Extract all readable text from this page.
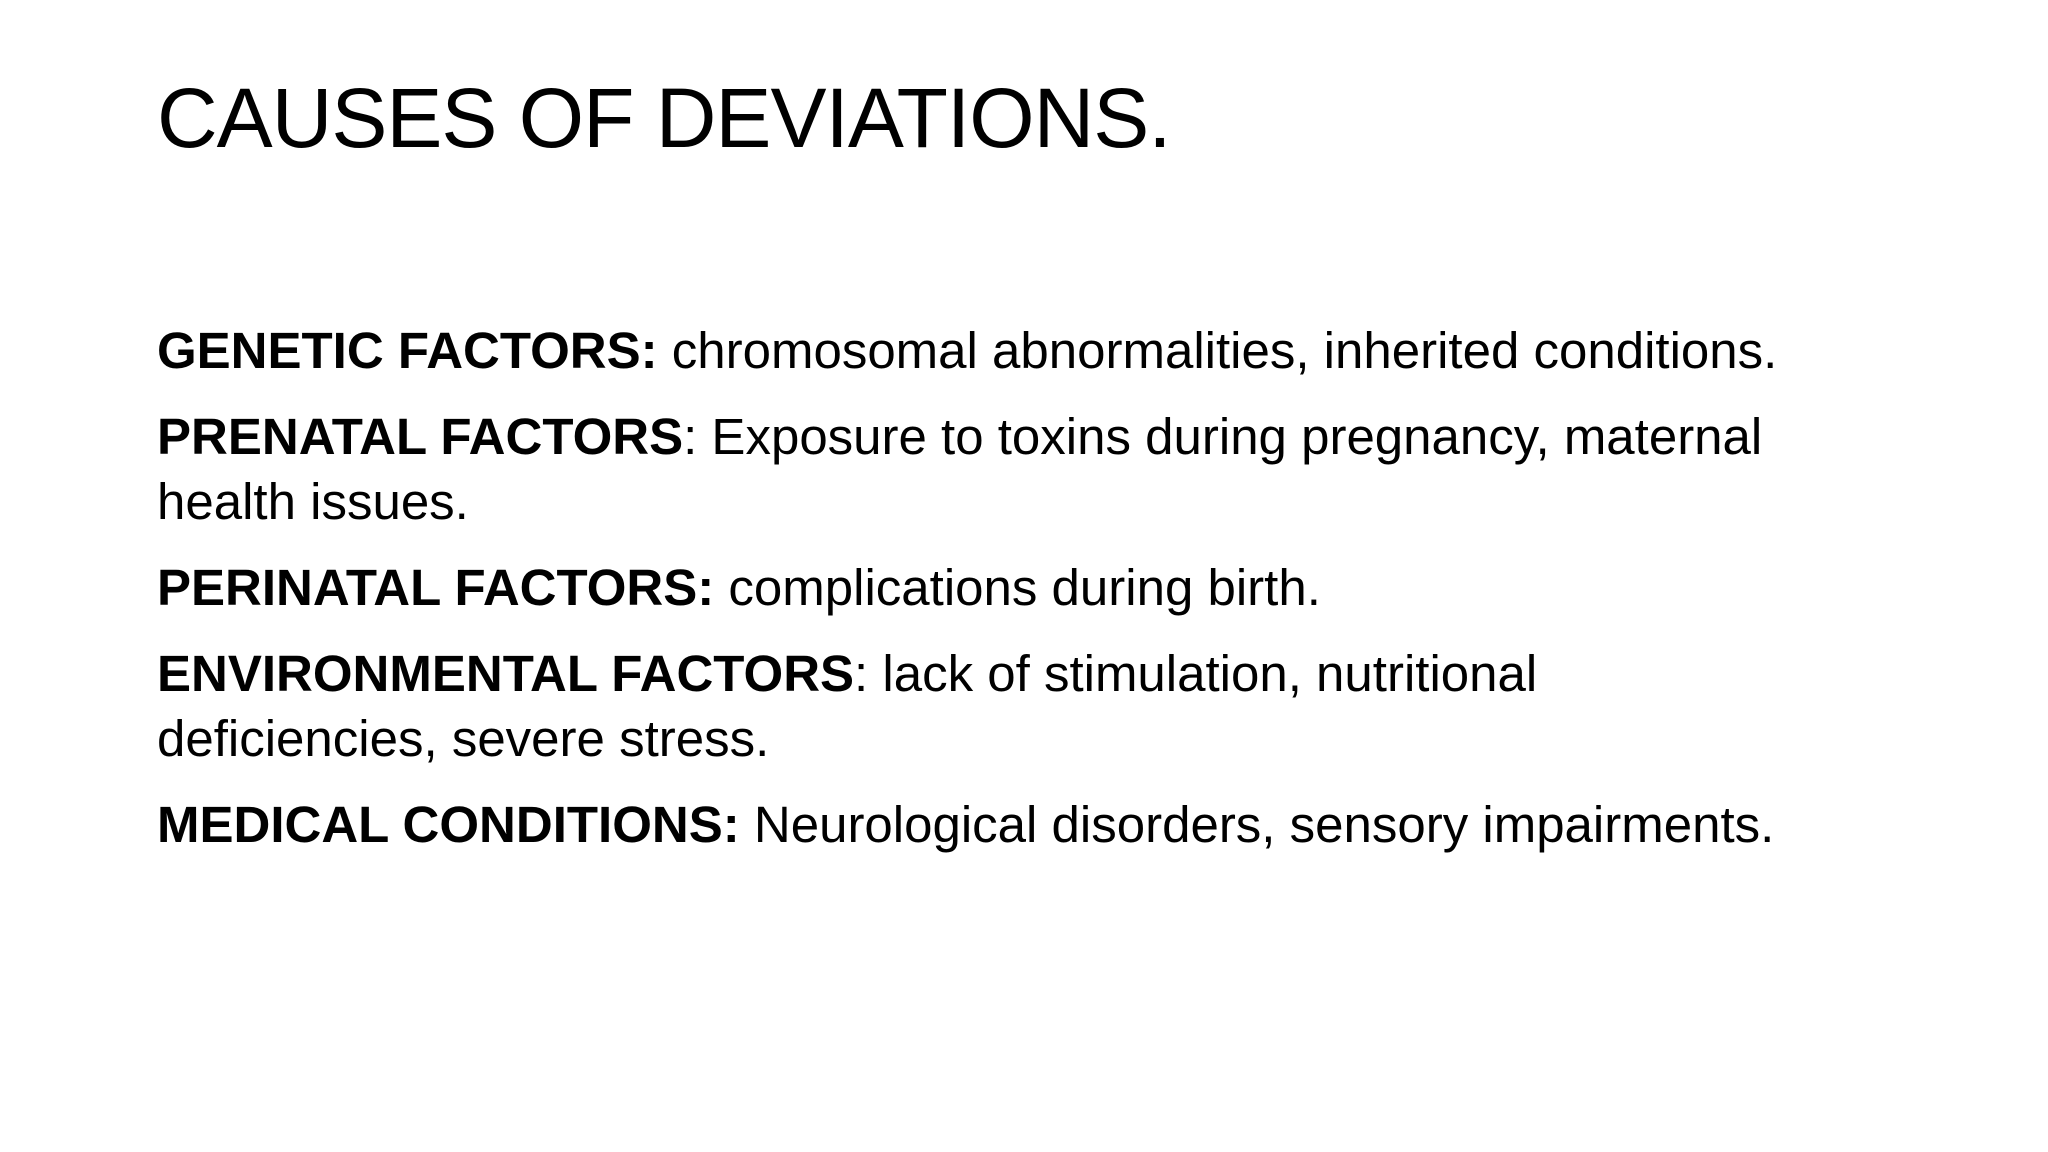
CAUSES OF DEVIATIONS.
GENETIC FACTORS: chromosomal abnormalities, inherited conditions.
PRENATAL FACTORS: Exposure to toxins during pregnancy, maternal health issues.
PERINATAL FACTORS: complications during birth.
ENVIRONMENTAL FACTORS: lack of stimulation, nutritional deficiencies, severe stress.
MEDICAL CONDITIONS: Neurological disorders, sensory impairments.
